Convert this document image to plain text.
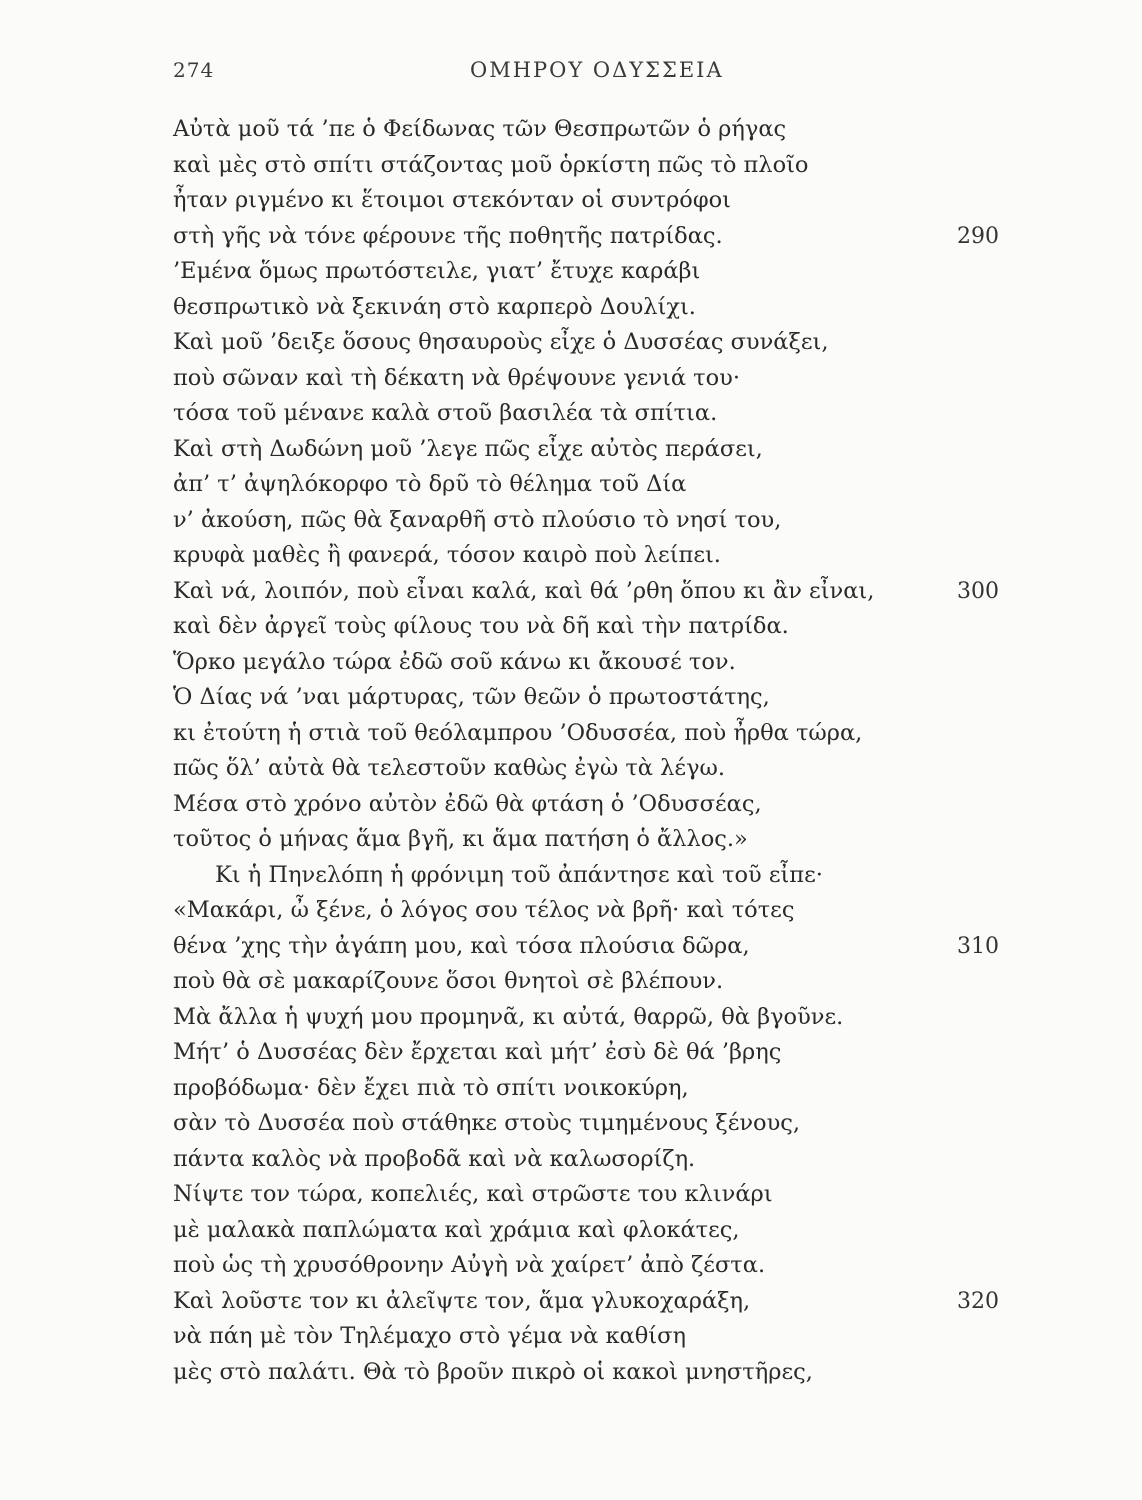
274	ΟΜΗΡΟΥ ΟΔΥΣΣΕΙΑ
Αὐτὰ μοῦ τά ’πε ὁ Φείδωνας τῶν Θεσπρωτῶν ὁ ρήγας
καὶ μὲς στὸ σπίτι στάζοντας μοῦ ὁρκίστη πῶς τὸ πλοῖο
ἦταν ριγμένο κι ἕτοιμοι στεκόνταν οἱ συντρόφοι
στὴ γῆς νὰ τόνε φέρουνε τῆς ποθητῆς πατρίδας.	290
’Εμένα ὅμως πρωτόστειλε, γιατ’ ἔτυχε καράβι
θεσπρωτικὸ νὰ ξεκινάη στὸ καρπερὸ Δουλίχι.
Καὶ μοῦ ’δειξε ὅσους θησαυροὺς εἶχε ὁ Δυσσέας συνάξει,
ποὺ σῶναν καὶ τὴ δέκατη νὰ θρέψουνε γενιά του·
τόσα τοῦ μένανε καλὰ στοῦ βασιλέα τὰ σπίτια.
Καὶ στὴ Δωδώνη μοῦ ’λεγε πῶς εἶχε αὐτὸς περάσει,
ἀπ’ τ’ ἀψηλόκορφο τὸ δρῦ τὸ θέλημα τοῦ Δία
ν’ ἀκούση, πῶς θὰ ξαναρθῆ στὸ πλούσιο τὸ νησί του,
κρυφὰ μαθὲς ἢ φανερά, τόσον καιρὸ ποὺ λείπει.
Καὶ νά, λοιπόν, ποὺ εἶναι καλά, καὶ θά ’ρθη ὅπου κι ἂν εἶναι,	300
καὶ δὲν ἀργεῖ τοὺς φίλους του νὰ δῆ καὶ τὴν πατρίδα.
Ὅρκο μεγάλο τώρα ἐδῶ σοῦ κάνω κι ἄκουσέ τον.
Ὁ Δίας νά ’ναι μάρτυρας, τῶν θεῶν ὁ πρωτοστάτης,
κι ἐτούτη ἡ στιὰ τοῦ θεόλαμπρου ’Οδυσσέα, ποὺ ἦρθα τώρα,
πῶς ὅλ’ αὐτὰ θὰ τελεστοῦν καθὼς ἐγὼ τὰ λέγω.
Μέσα στὸ χρόνο αὐτὸν ἐδῶ θὰ φτάση ὁ ’Οδυσσέας,
τοῦτος ὁ μήνας ἅμα βγῆ, κι ἅμα πατήση ὁ ἄλλος.»
Κι ἡ Πηνελόπη ἡ φρόνιμη τοῦ ἀπάντησε καὶ τοῦ εἶπε·
«Μακάρι, ὦ ξένε, ὁ λόγος σου τέλος νὰ βρῆ· καὶ τότες
θένα ’χης τὴν ἀγάπη μου, καὶ τόσα πλούσια δῶρα,	310
ποὺ θὰ σὲ μακαρίζουνε ὅσοι θνητοὶ σὲ βλέπουν.
Μὰ ἄλλα ἡ ψυχή μου προμηνᾶ, κι αὐτά, θαρρῶ, θὰ βγοῦνε.
Μήτ’ ὁ Δυσσέας δὲν ἔρχεται καὶ μήτ’ ἐσὺ δὲ θά ’βρης
προβόδωμα· δὲν ἔχει πιὰ τὸ σπίτι νοικοκύρη,
σὰν τὸ Δυσσέα ποὺ στάθηκε στοὺς τιμημένους ξένους,
πάντα καλὸς νὰ προβοδᾶ καὶ νὰ καλωσορίζη.
Νίψτε τον τώρα, κοπελιές, καὶ στρῶστε του κλινάρι
μὲ μαλακὰ παπλώματα καὶ χράμια καὶ φλοκάτες,
ποὺ ὡς τὴ χρυσόθρονην Αὐγὴ νὰ χαίρετ’ ἀπὸ ζέστα.
Καὶ λοῦστε τον κι ἀλεῖψτε τον, ἅμα γλυκοχαράξη,	320
νὰ πάη μὲ τὸν Τηλέμαχο στὸ γέμα νὰ καθίση
μὲς στὸ παλάτι. Θὰ τὸ βροῦν πικρὸ οἱ κακοὶ μνηστῆρες,
